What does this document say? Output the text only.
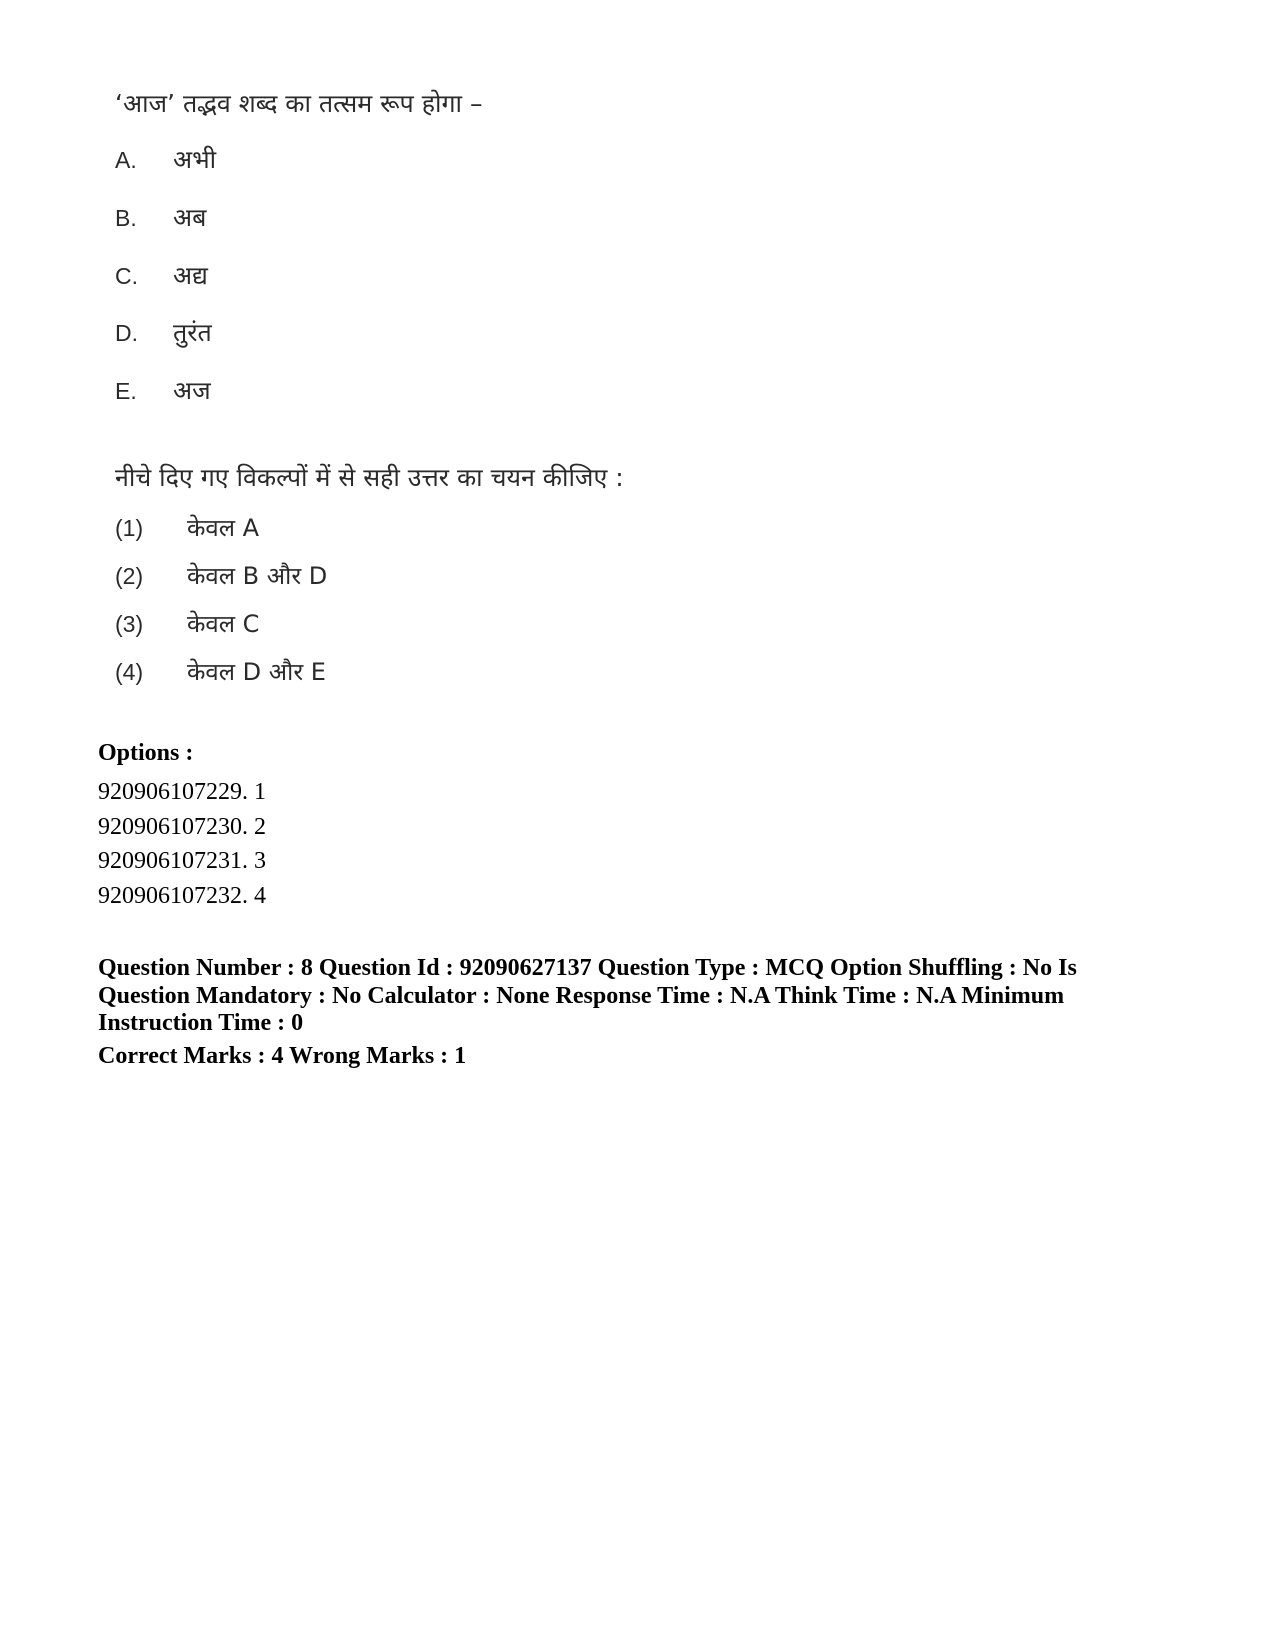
‘आज’ तद्भव शब्द का तत्सम रूप होगा –
A. अभी
B. अब
C. अद्य
D. तुरंत
E. अज
नीचे दिए गए विकल्पों में से सही उत्तर का चयन कीजिए :
(1) केवल A
(2) केवल B और D
(3) केवल C
(4) केवल D और E
Options :
920906107229. 1
920906107230. 2
920906107231. 3
920906107232. 4
Question Number : 8 Question Id : 92090627137 Question Type : MCQ Option Shuffling : No Is Question Mandatory : No Calculator : None Response Time : N.A Think Time : N.A Minimum Instruction Time : 0
Correct Marks : 4 Wrong Marks : 1
